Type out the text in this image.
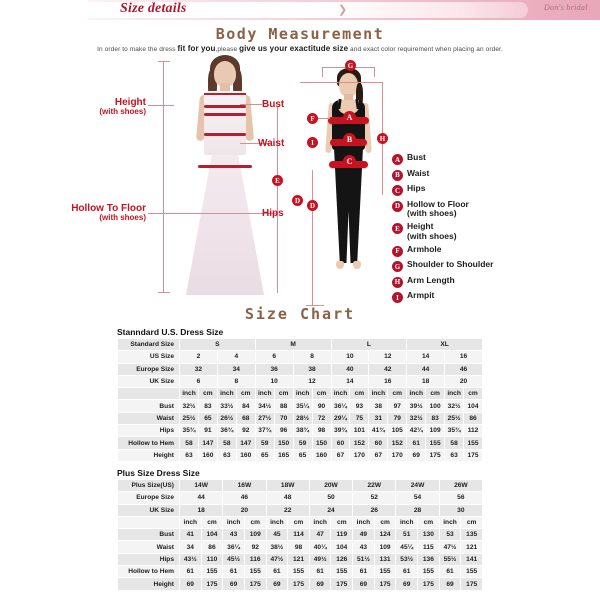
Size details	❯	Don's bridal
Body Measurement
In order to make the dress fit for you,please give us your exactitude size and exact color requirement when placing an order.
Height
(with shoes)
Hollow To Floor
(with shoes)
Bust
Waist
Hips
G
F
I
A
B
C
H
D
E
D
A Bust
B Waist
C Hips
D Hollow to Floor
(with shoes)
E Height
(with shoes)
F Armhole
G Shoulder to Shoulder
H Arm Length
I Armpit
Size Chart
Stanndard U.S. Dress Size
Standard Size	S				M				L				XL			
US Size	2		4		6		8		10		12		14		16	
Europe Size	32		34		36		38		40		42		44		46	
UK Size	6		8		10		12		14		16		18		20	
	inch	cm	inch	cm	inch	cm	inch	cm	inch	cm	inch	cm	inch	cm	inch	cm
Bust	32½	83	33½	84	34½	88	35¼	90	36¼	93	38	97	39½	100	32½	104
Waist	25½	65	26½	68	27½	70	28½	72	29¼	75	31	79	32½	83	25½	86
Hips	35¾	91	36¾	92	37¾	96	38¾	98	39¾	101	41¾	105	42¼	109	35¾	112
Hollow to Hem	58	147	58	147	59	150	59	150	60	152	60	152	61	155	58	155
Height	63	160	63	160	65	165	65	160	67	170	67	170	69	175	63	175
Plus Size Dress Size
Plus Size(US)	14W		16W		18W		20W		22W		24W		26W	
Europe Size	44		46		48		50		52		54		56	
UK Size	18		20		22		24		26		28		30	
	inch	cm	inch	cm	inch	cm	inch	cm	inch	cm	inch	cm	inch	cm
Bust	41	104	43	109	45	114	47	119	49	124	51	130	53	135
Waist	34	86	36¼	92	38½	98	40¼	104	43	109	45¼	115	47½	121
Hips	43½	110	45½	116	47½	121	49½	126	51½	131	53½	136	55½	141
Hollow to Hem	61	155	61	155	61	155	61	155	61	155	61	155	61	155
Height	69	175	69	175	69	175	69	175	69	175	69	175	69	175
